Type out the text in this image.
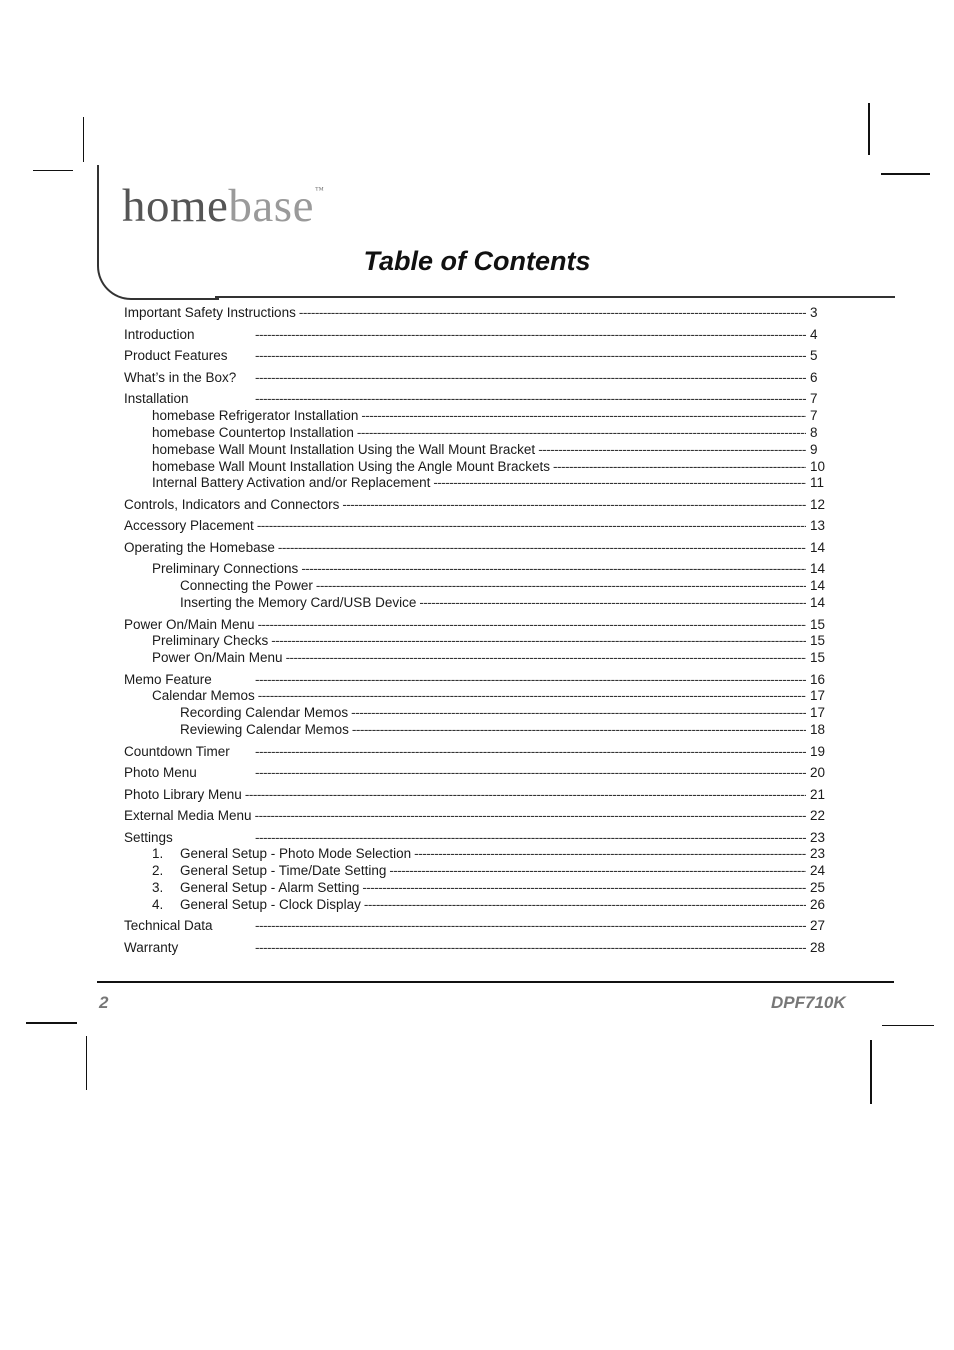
homebase™
Table of Contents
Important Safety Instructions -----	3
Introduction -----	4
Product Features -----	5
What’s in the Box? -----	6
Installation -----	7
homebase Refrigerator Installation -----	7
homebase Countertop Installation -----	8
homebase Wall Mount Installation Using the Wall Mount Bracket -----	9
homebase Wall Mount Installation Using the Angle Mount Brackets -----	10
Internal Battery Activation and/or Replacement -----	11
Controls, Indicators and Connectors -----	12
Accessory Placement -----	13
Operating the Homebase -----	14
Preliminary Connections -----	14
Connecting the Power -----	14
Inserting the Memory Card/USB Device -----	14
Power On/Main Menu -----	15
Preliminary Checks -----	15
Power On/Main Menu -----	15
Memo Feature -----	16
Calendar Memos -----	17
Recording Calendar Memos -----	17
Reviewing Calendar Memos -----	18
Countdown Timer -----	19
Photo Menu -----	20
Photo Library Menu -----	21
External Media Menu -----	22
Settings -----	23
1.	General Setup - Photo Mode Selection -----	23
2.	General Setup - Time/Date Setting -----	24
3.	General Setup - Alarm Setting -----	25
4.	General Setup - Clock Display -----	26
Technical Data -----	27
Warranty -----	28
2	DPF710K
